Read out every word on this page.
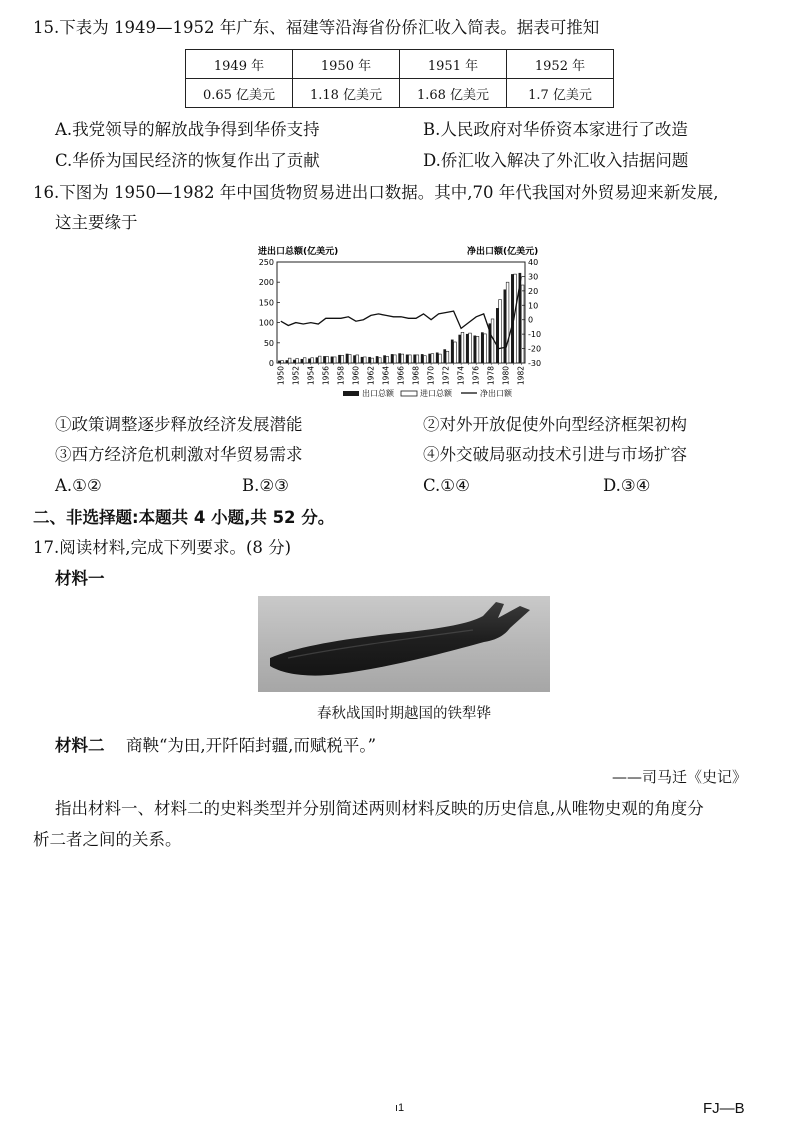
15.下表为 1949—1952 年广东、福建等沿海省份侨汇收入简表。据表可推知
1949 年	1950 年	1951 年	1952 年
0.65 亿美元	1.18 亿美元	1.68 亿美元	1.7 亿美元
A.我党领导的解放战争得到华侨支持	B.人民政府对华侨资本家进行了改造
C.华侨为国民经济的恢复作出了贡献	D.侨汇收入解决了外汇收入拮据问题
16.下图为 1950—1982 年中国货物贸易进出口数据。其中,70 年代我国对外贸易迎来新发展,
这主要缘于
进出口总额(亿美元)	净出口额(亿美元)
0
50
100
150
200
250
-30
-20
-10
0
10
20
30
40
1950 1952 1954 1956 1958 1960 1962 1964 1966 1968 1970 1972 1974 1976 1978 1980 1982
出口总额	进口总额	净出口额
①政策调整逐步释放经济发展潜能	②对外开放促使外向型经济框架初构
③西方经济危机刺激对华贸易需求	④外交破局驱动技术引进与市场扩容
A.①②	B.②③	C.①④	D.③④
二、非选择题:本题共 4 小题,共 52 分。
17.阅读材料,完成下列要求。(8 分)
材料一
春秋战国时期越国的铁犁铧
材料二 商鞅“为田,开阡陌封疆,而赋税平。”
——司马迁《史记》
指出材料一、材料二的史料类型并分别简述两则材料反映的历史信息,从唯物史观的角度分
析二者之间的关系。
ı1	FJ—B
